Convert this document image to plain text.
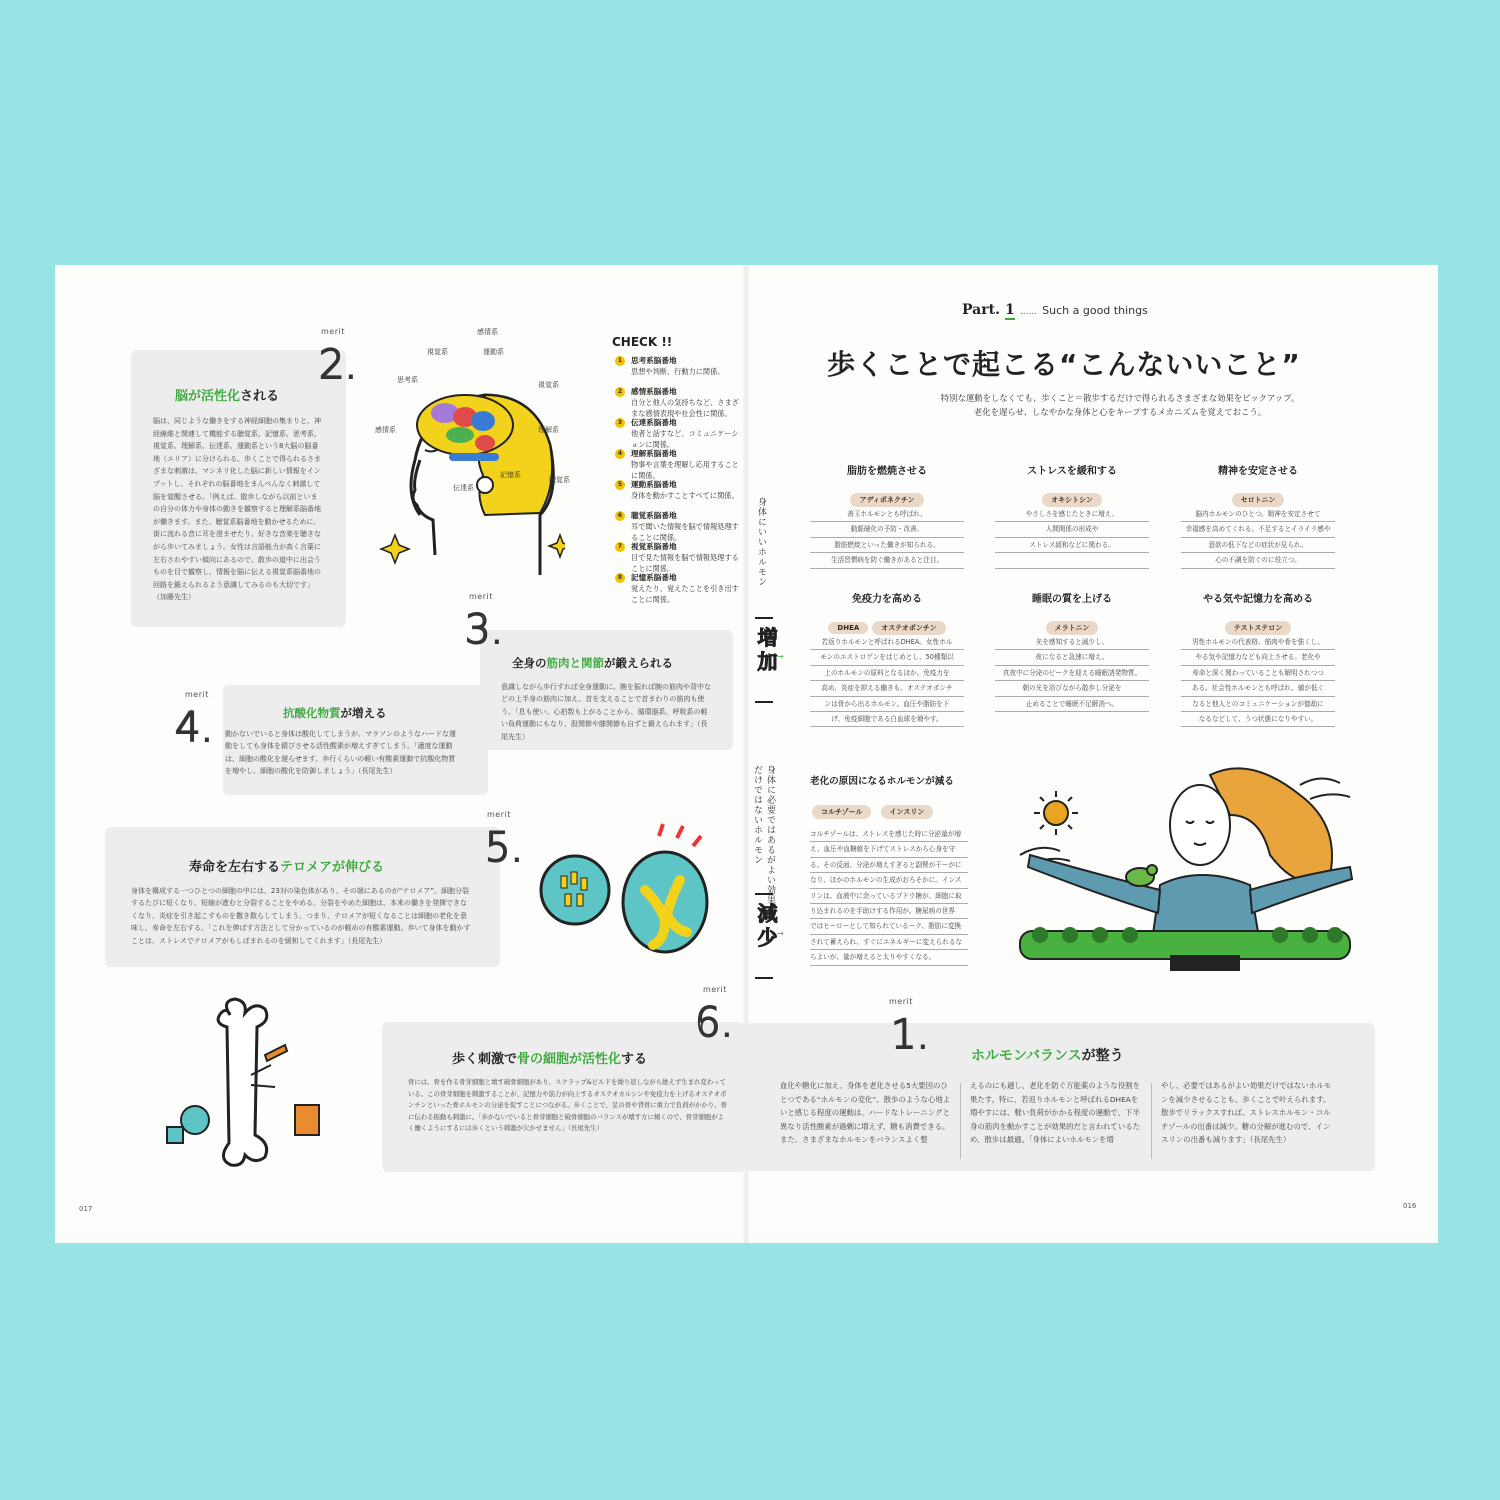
Part. 1 ...... Such a good things
歩くことで起こる“こんないいこと”
特別な運動をしなくても、歩くこと＝散歩するだけで得られるさまざまな効果をピックアップ。
老化を遅らせ、しなやかな身体と心をキープするメカニズムを覚えておこう。
脂肪を燃焼させる
アディポネクチン
善玉ホルモンとも呼ばれ、
動脈硬化の予防・改善、
脂肪燃焼といった働きが知られる。
生活習慣病を防ぐ働きがあると注目。
ストレスを緩和する
オキシトシン
やさしさを感じたときに増え、
人間関係の形成や
ストレス緩和などに関わる。
精神を安定させる
セロトニン
脳内ホルモンのひとつ。精神を安定させて
幸福感を高めてくれる。不足するとイライラ感や
意欲の低下などの症状が見られ、
心の不調を防ぐのに役立つ。
免疫力を高める
DHEA	オステオポンチン
若返りホルモンと呼ばれるDHEA。女性ホル
モンのエストロゲンをはじめとし、50種類以
上のホルモンの原料となるほか、免疫力を
高め、炎症を抑える働きも。オステオポンチ
ンは骨から出るホルモン。血圧や脂肪を下
げ、免疫細胞である白血球を増やす。
睡眠の質を上げる
メラトニン
光を感知すると減少し、
夜になると急速に増え、
真夜中に分泌のピークを迎える睡眠誘発物質。
朝の光を浴びながら散歩し分泌を
止めることで睡眠不足解消へ。
やる気や記憶力を高める
テストステロン
男性ホルモンの代表格。筋肉や骨を強くし、
やる気や記憶力なども向上させる。老化や
寿命と深く関わっていることも解明されつつ
ある。社会性ホルモンとも呼ばれ、値が低く
なると他人とのコミュニケーションが億劫に
なるなどして、うつ状態になりやすい。
老化の原因になるホルモンが減る
コルチゾール	インスリン
コルチゾールは、ストレスを感じた時に分泌量が増
え、血圧や血糖値を下げてストレスから心身を守
る。その反面、分泌が増えすぎると副腎が干ーがに
なり、ほかのホルモンの生成がおろそかに。インス
リンは、血液中に余っているブドウ糖が、細胞に取
り込まれるのを手助けする作用が。糖尿病の世界
ではヒーローとして知られているーク、脂肪に変換
されて蓄えられ、すぐにエネルギーに変えられるな
らよいが、量が増えると太りやすくなる。
身体にいいホルモン
増加 →
身体に必要ではあるがよい効果
だけではないホルモン
減少 →
merit
1.	ホルモンバランスが整う
血化や糖化に加え、身体を老化させる5大要因のひとつである“ホルモンの変化”。散歩のような心地よいと感じる程度の運動は、ハードなトレーニングと異なり活性酸素が過剰に増えず、糖も消費できる。また、さまざまなホルモンをバランスよく整
えるのにも適し、老化を防ぐ万能薬のような役割を果たす。特に、若返りホルモンと呼ばれるDHEAを増やすには、軽い負荷がかかる程度の運動で、下半身の筋肉を動かすことが効果的だと言われているため、散歩は最適。「身体によいホルモンを増
やし、必要ではあるがよい効果だけではないホルモンを減少させることも、歩くことで叶えられます。散歩でリラックスすれば、ストレスホルモン・コルチゾールの出番は減少。糖の分解が進むので、インスリンの出番も減ります」（長尾先生）
merit
2.
脳が活性化される
脳は、同じような働きをする神経細胞の集まりと、神経線維と関連して機能する聴覚系、記憶系、思考系、視覚系、理解系、伝達系、運動系という8大脳の脳番地（エリア）に分けられる。歩くことで得られるさまざまな刺激は、マンネリ化した脳に新しい情報をインプットし、それぞれの脳番地をまんべんなく刺激して脳を覚醒させる。「例えば、散歩しながら以前といまの自分の体力や身体の動きを観察すると理解系脳番地が働きます。また、聴覚系脳番地を動かせるために、街に流れる音に耳を澄ませたり、好きな音楽を聴きながら歩いてみましょう。女性は言語能力が高く言葉に左右されやすい傾向にあるので、散歩の道中に出会うものを目で観察し、情報を脳に伝える視覚系脳番地の回路を鍛えられるよう意識してみるのも大切です」（加藤先生）
感情系
視覚系	運動系
思考系
視覚系
感情系	理解系
伝達系
記憶系
聴覚系
CHECK !!
1	思考系脳番地
思想や判断、行動力に関係。
2	感情系脳番地
自分と他人の気持ちなど、さまざまな感情表現や社会性に関係。
3	伝達系脳番地
他者と話すなど、コミュニケーションに関係。
4	理解系脳番地
物事や言葉を理解し応用することに関係。
5	運動系脳番地
身体を動かすことすべてに関係。
6	聴覚系脳番地
耳で聞いた情報を脳で情報処理することに関係。
7	視覚系脳番地
目で見た情報を脳で情報処理することに関係。
8	記憶系脳番地
覚えたり、覚えたことを引き出すことに関係。
merit
3.
全身の筋肉と関節が鍛えられる
意識しながら歩行すれば全身運動に。腕を振れば腕の筋肉や背中などの上半身の筋肉に加え、首を支えることで首まわりの筋肉も使う。「息も使い、心拍数も上がることから、循環器系、呼吸系の軽い負荷運動にもなり、股関節や膝関節も自ずと鍛えられます」（長尾先生）
merit
4.	抗酸化物質が増える
動かないでいると身体は酸化してしまうが、マラソンのようなハードな運動をしても身体を錆びさせる活性酸素が増えすぎてしまう。「適度な運動は、細胞の酸化を遅らせます。歩行くらいの軽い有酸素運動で抗酸化物質を増やし、細胞の酸化を防御しましょう」（長尾先生）
merit
5.
寿命を左右するテロメアが伸びる
身体を構成する一つひとつの細胞の中には、23対の染色体があり、その端にあるのが“テロメア”。細胞分裂するたびに短くなり、短縮が進むと分裂することをやめる。分裂をやめた細胞は、本来の働きを発揮できなくなり、炎症を引き起こすものを撒き散らしてしまう。つまり、テロメアが短くなることは細胞の老化を意味し、寿命を左右する。「これを伸ばす方法として分かっているのが軽めの有酸素運動。歩いて身体を動かすことは、ストレスでテロメアがもしばまれるのを緩和してくれます」（長尾先生）
merit
6.
歩く刺激で骨の細胞が活性化する
骨には、骨を作る骨芽細胞と壊す破骨細胞があり、スクラップ&ビルドを繰り返しながら絶えず生まれ変わっている。この骨芽細胞を刺激することが、記憶力や筋力が向上するオステオカルシンや免疫力を上げるオステオポンチンといった骨ホルモンの分泌を促すことにつながる。歩くことで、足の骨や背骨に重力で負荷がかかり、骨に伝わる振動も刺激に。「歩かないでいると骨芽細胞と破骨細胞のバランスが壊す方に傾くので、骨芽細胞がよく働くようにするには歩くという刺激が欠かせません」（長尾先生）
017	016
